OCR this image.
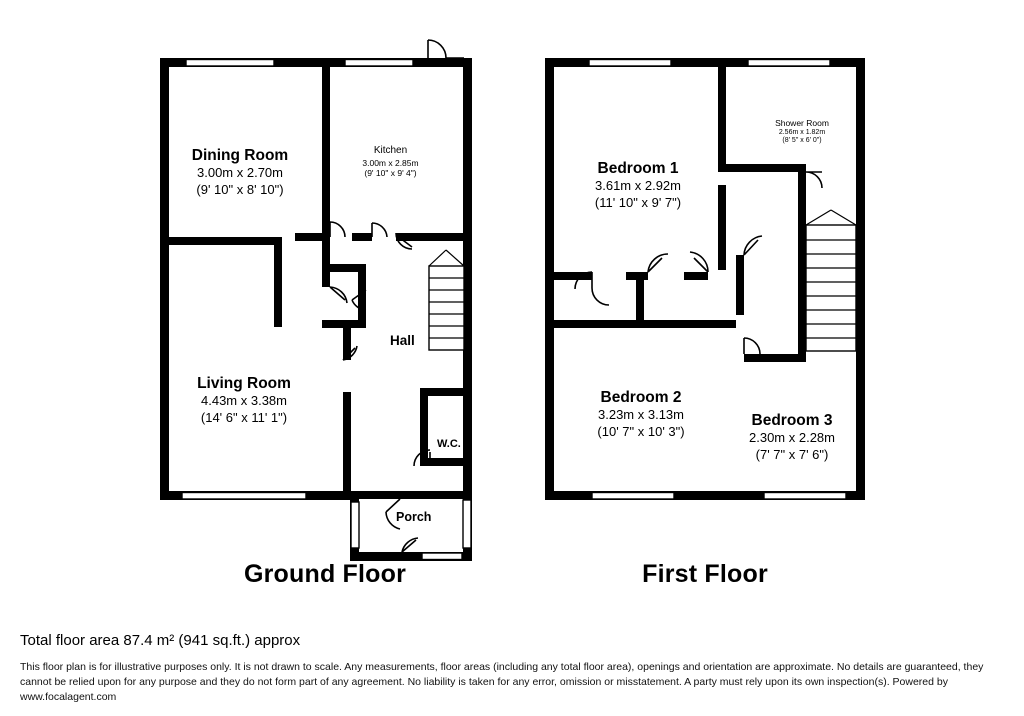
Dining Room
3.00m x 2.70m
(9' 10" x 8' 10")
Kitchen
3.00m x 2.85m
(9' 10" x 9' 4")
Living Room
4.43m x 3.38m
(14' 6" x 11' 1")
Hall
W.C.
Porch
Ground Floor
Bedroom 1
3.61m x 2.92m
(11' 10" x 9' 7")
Shower Room
2.56m x 1.82m
(8' 5" x 6' 0")
Bedroom 2
3.23m x 3.13m
(10' 7" x 10' 3")
Bedroom 3
2.30m x 2.28m
(7' 7" x 7' 6")
First Floor
Total floor area 87.4 m² (941 sq.ft.) approx
This floor plan is for illustrative purposes only. It is not drawn to scale. Any measurements, floor areas (including any total floor area), openings and orientation are approximate. No details are guaranteed, they cannot be relied upon for any purpose and they do not form part of any agreement. No liability is taken for any error, omission or misstatement. A party must rely upon its own inspection(s). Powered by www.focalagent.com
